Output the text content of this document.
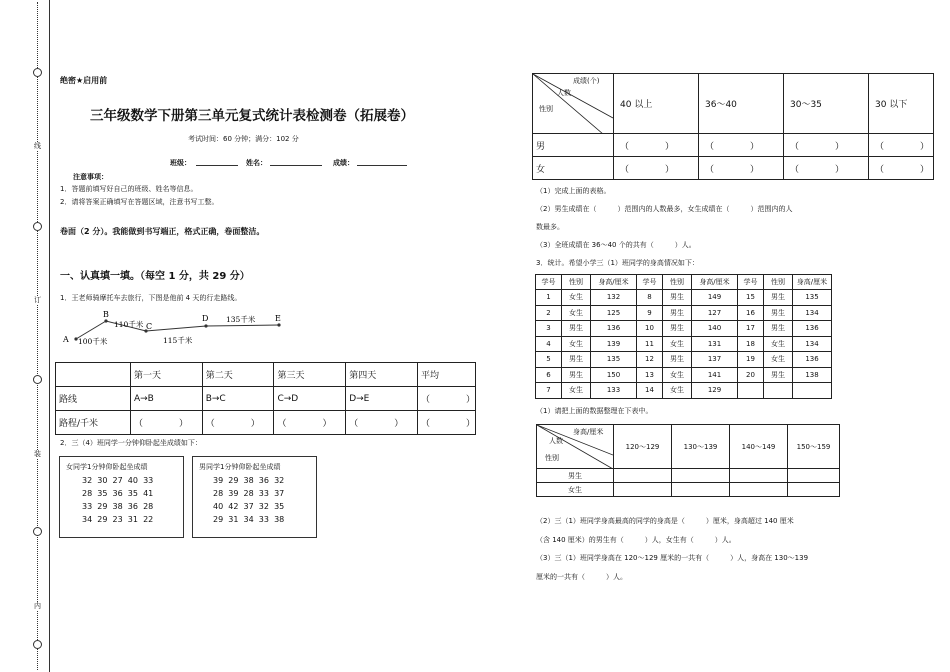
线
订
装
内
绝密★启用前
三年级数学下册第三单元复式统计表检测卷（拓展卷）
考试时间：60 分钟；满分：102 分
班级：	姓名：	成绩：
注意事项：
1．答题前填写好自己的班级、姓名等信息。
2．请将答案正确填写在答题区域，注意书写工整。
卷面（2 分）。我能做到书写端正，格式正确，卷面整洁。
一、认真填一填。（每空 1 分，共 29 分）
1．王老师骑摩托车去旅行，下图是他前 4 天的行走路线。
A
B
C
D	E
100千米
110千米
115千米
135千米
	第一天	第二天	第三天	第四天	平均
路线	A→B	B→C	C→D	D→E	（　　　　）
路程/千米	（　　　　）	（　　　　）	（　　　　）	（　　　　）	（　　　　）
2．三（4）班同学一分钟仰卧起坐成绩如下：
女同学1分钟仰卧起坐成绩
32  30  27  40  33
28  35  36  35  41
33  29  38  36  28
34  29  23  31  22
男同学1分钟仰卧起坐成绩
39  29  38  36  32
28  39  28  33  37
40  42  37  32  35
29  31  34  33  38
成绩(个)
人数
性别	40 以上	36～40	30～35	30 以下
男	（　　　　）	（　　　　）	（　　　　）	（　　　　）
女	（　　　　）	（　　　　）	（　　　　）	（　　　　）
（1）完成上面的表格。
（2）男生成绩在（　　　）范围内的人数最多，女生成绩在（　　　）范围内的人
数最多。
（3）全班成绩在 36～40 个的共有（　　　）人。
3．统计。希望小学三（1）班同学的身高情况如下：
学号	性别	身高/厘米	学号	性别	身高/厘米	学号	性别	身高/厘米
1	女生	132	8	男生	149	15	男生	135
2	女生	125	9	男生	127	16	男生	134
3	男生	136	10	男生	140	17	男生	136
4	女生	139	11	女生	131	18	女生	134
5	男生	135	12	男生	137	19	女生	136
6	男生	150	13	女生	141	20	男生	138
7	女生	133	14	女生	129			
（1）请把上面的数据整理在下表中。
身高/厘米
人数
性别	120～129	130～139	140～149	150～159
男生				
女生				
（2）三（1）班同学身高最高的同学的身高是（　　　）厘米，身高超过 140 厘米
（含 140 厘米）的男生有（　　　）人，女生有（　　　）人。
（3）三（1）班同学身高在 120～129 厘米的一共有（　　　）人，身高在 130～139
厘米的一共有（　　　）人。
